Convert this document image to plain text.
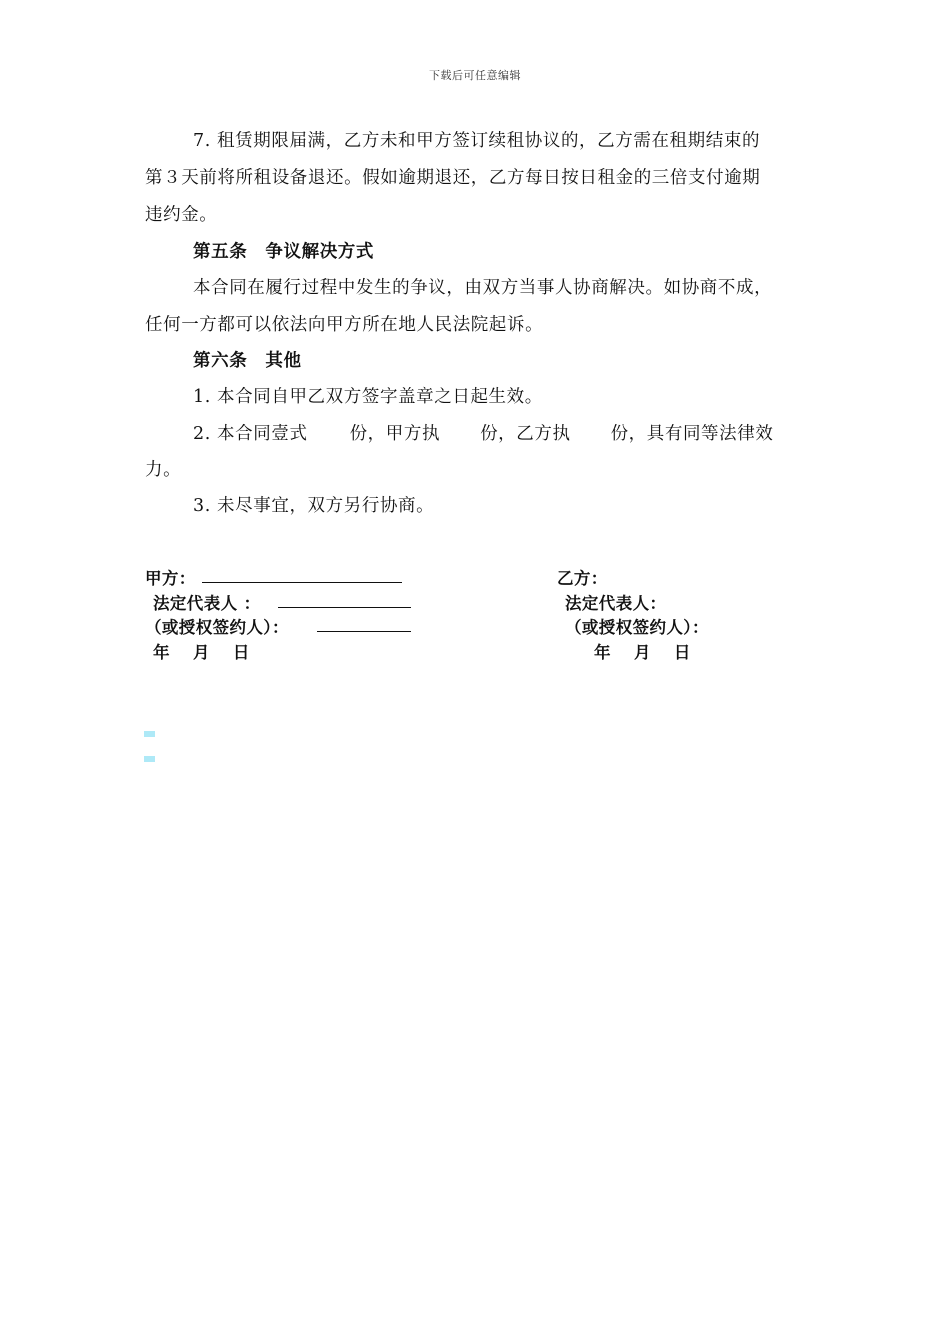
下载后可任意编辑
7. 租赁期限届满，乙方未和甲方签订续租协议的，乙方需在租期结束的
第３天前将所租设备退还。假如逾期退还，乙方每日按日租金的三倍支付逾期
违约金。
第五条　争议解决方式
本合同在履行过程中发生的争议，由双方当事人协商解决。如协商不成，
任何一方都可以依法向甲方所在地人民法院起诉。
第六条　其他
1. 本合同自甲乙双方签字盖章之日起生效。
2. 本合同壹式 份，甲方执 份，乙方执 份，具有同等法律效
力。
3. 未尽事宜，双方另行协商。
甲方：
法定代表人 ：
（或授权签约人）：
年　 月　 日
乙方：
法定代表人：
（或授权签约人）：
年　 月　 日
